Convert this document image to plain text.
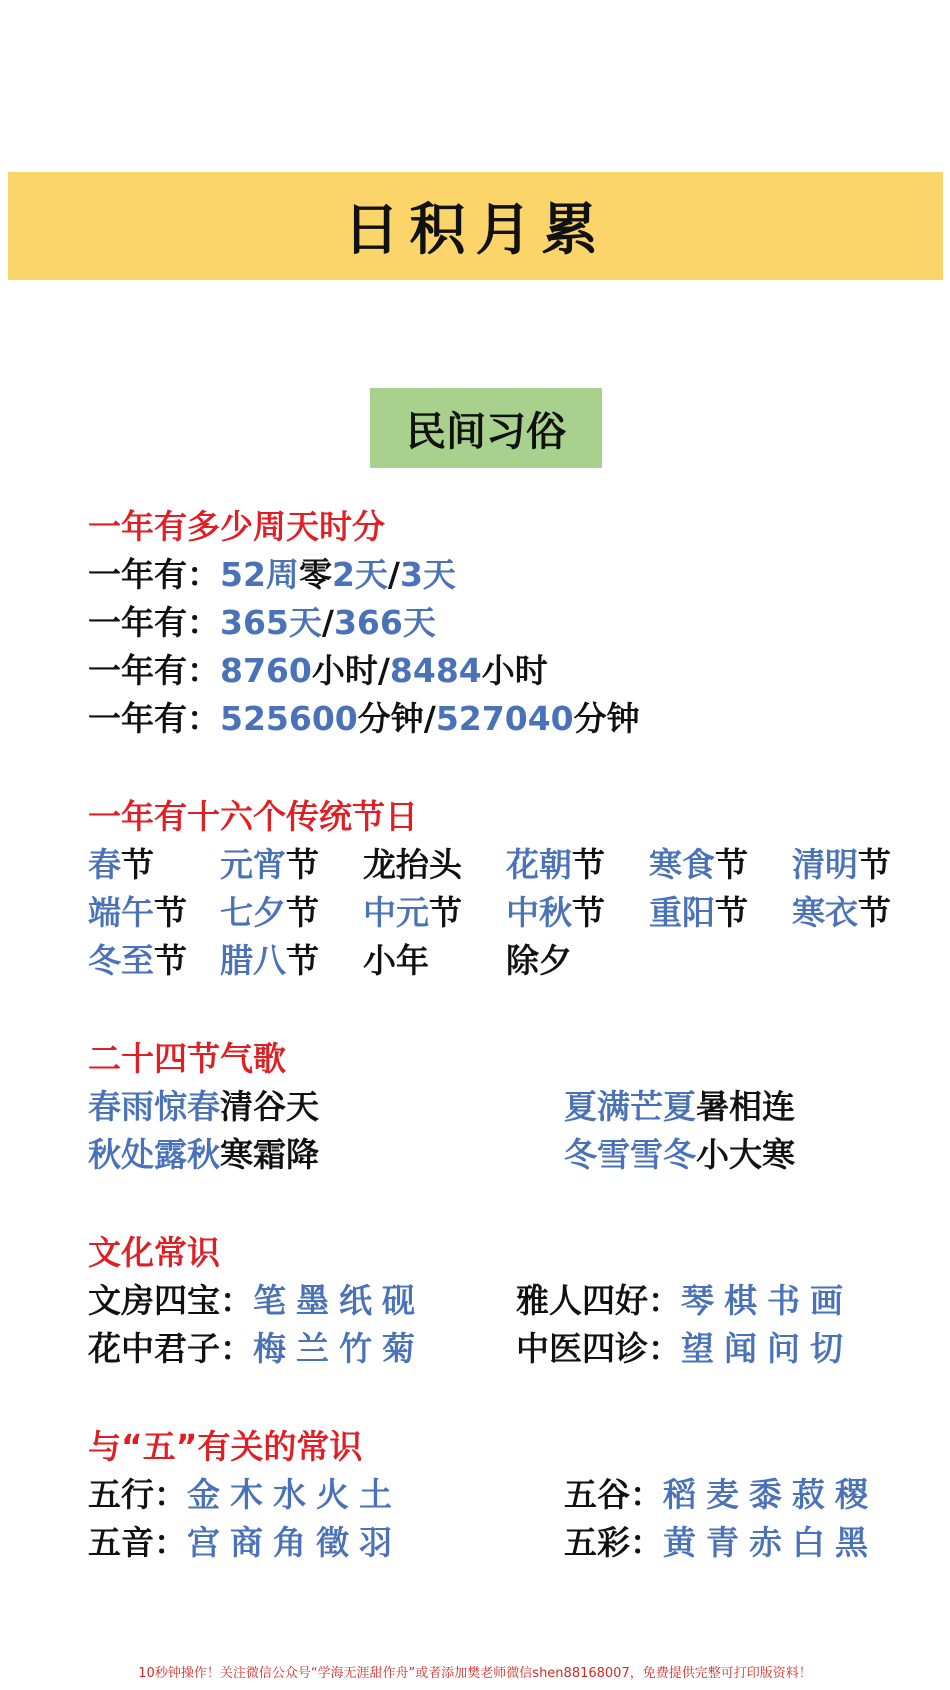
日积月累
民间习俗
一年有多少周天时分
一年有：52周零2天/3天
一年有：365天/366天
一年有：8760小时/8484小时
一年有：525600分钟/527040分钟
一年有十六个传统节日
春节	元宵节	龙抬头	花朝节	寒食节	清明节
端午节	七夕节	中元节	中秋节	重阳节	寒衣节
冬至节	腊八节	小年	除夕
二十四节气歌
春雨惊春清谷天	夏满芒夏暑相连
秋处露秋寒霜降	冬雪雪冬小大寒
文化常识
文房四宝：笔墨纸砚	雅人四好：琴棋书画
花中君子：梅兰竹菊	中医四诊：望闻问切
与“五”有关的常识
五行：金木水火土	五谷：稻麦黍菽稷
五音：宫商角徵羽	五彩：黄青赤白黑
10秒钟操作！关注微信公众号“学海无涯甜作舟”或者添加樊老师微信shen88168007，免费提供完整可打印版资料！
